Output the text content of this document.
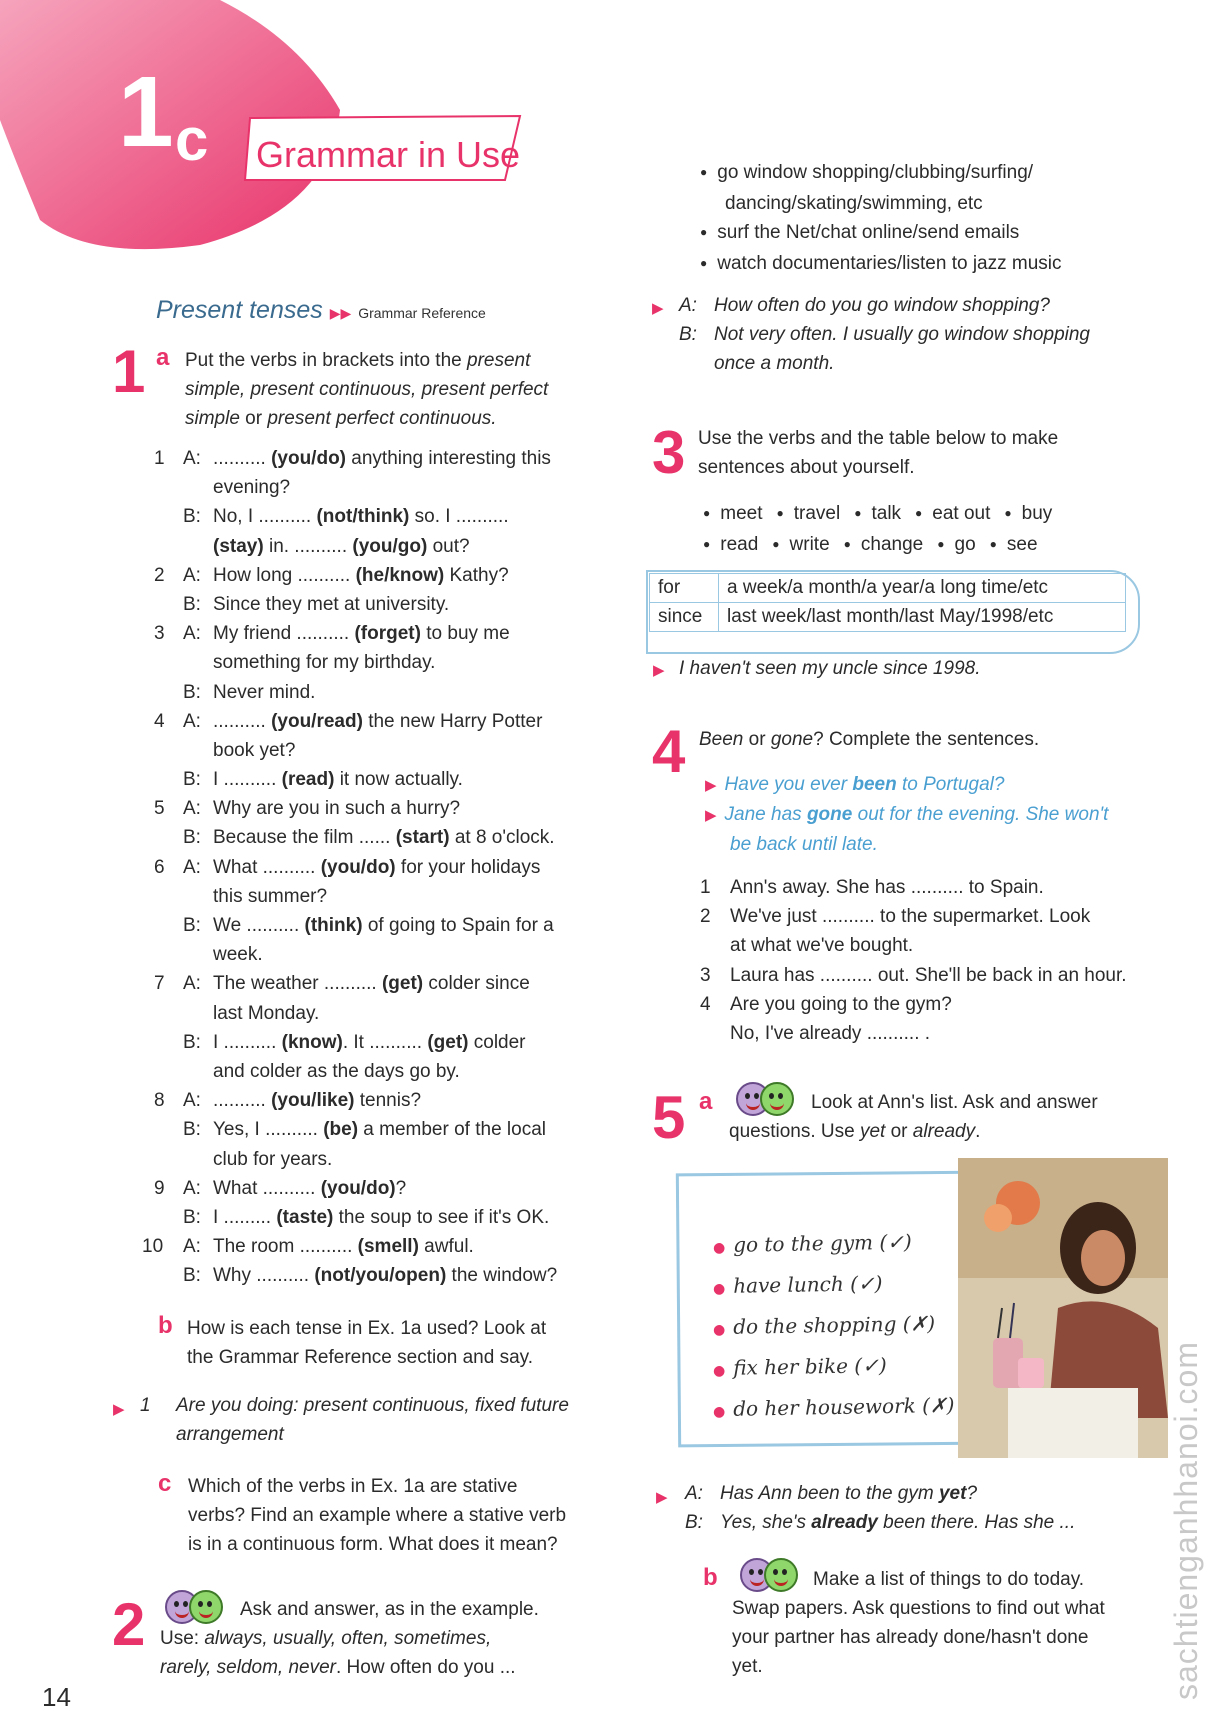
1 c Grammar in Use
Present tenses ▶▶ Grammar Reference
1 a Put the verbs in brackets into the present
simple, present continuous, present perfect
simple or present perfect continuous.
1 A: .......... (you/do) anything interesting this
evening?
B: No, I .......... (not/think) so. I ..........
(stay) in. .......... (you/go) out?
2 A: How long .......... (he/know) Kathy?
B: Since they met at university.
3 A: My friend .......... (forget) to buy me
something for my birthday.
B: Never mind.
4 A: .......... (you/read) the new Harry Potter
book yet?
B: I .......... (read) it now actually.
5 A: Why are you in such a hurry?
B: Because the film ...... (start) at 8 o'clock.
6 A: What .......... (you/do) for your holidays
this summer?
B: We .......... (think) of going to Spain for a
week.
7 A: The weather .......... (get) colder since
last Monday.
B: I .......... (know). It .......... (get) colder
and colder as the days go by.
8 A: .......... (you/like) tennis?
B: Yes, I .......... (be) a member of the local
club for years.
9 A: What .......... (you/do)?
B: I ......... (taste) the soup to see if it's OK.
10 A: The room .......... (smell) awful.
B: Why .......... (not/you/open) the window?
b How is each tense in Ex. 1a used? Look at
the Grammar Reference section and say.
▶ 1 Are you doing: present continuous, fixed future
arrangement
c Which of the verbs in Ex. 1a are stative
verbs? Find an example where a stative verb
is in a continuous form. What does it mean?
2	Ask and answer, as in the example.
Use: always, usually, often, sometimes,
rarely, seldom, never. How often do you ...
14
● go window shopping/clubbing/surfing/
dancing/skating/swimming, etc
● surf the Net/chat online/send emails
● watch documentaries/listen to jazz music
▶ A: How often do you go window shopping?
B: Not very often. I usually go window shopping
once a month.
3 Use the verbs and the table below to make
sentences about yourself.
● meet ● travel ● talk ● eat out ● buy
● read ● write ● change ● go ● see
for	a week/a month/a year/a long time/etc
since	last week/last month/last May/1998/etc
▶ I haven't seen my uncle since 1998.
4 Been or gone? Complete the sentences.
▶ Have you ever been to Portugal?
▶ Jane has gone out for the evening. She won't
be back until late.
1 Ann's away. She has .......... to Spain.
2 We've just .......... to the supermarket. Look
at what we've bought.
3 Laura has .......... out. She'll be back in an hour.
4 Are you going to the gym?
No, I've already .......... .
5 a	Look at Ann's list. Ask and answer
questions. Use yet or already.
● go to the gym (✓)
● have lunch (✓)
● do the shopping (✗)
● fix her bike (✓)
● do her housework (✗)
▶ A: Has Ann been to the gym yet?
B: Yes, she's already been there. Has she ...
b	Make a list of things to do today.
Swap papers. Ask questions to find out what
your partner has already done/hasn't done
yet.	sachtienganhhanoi.com
